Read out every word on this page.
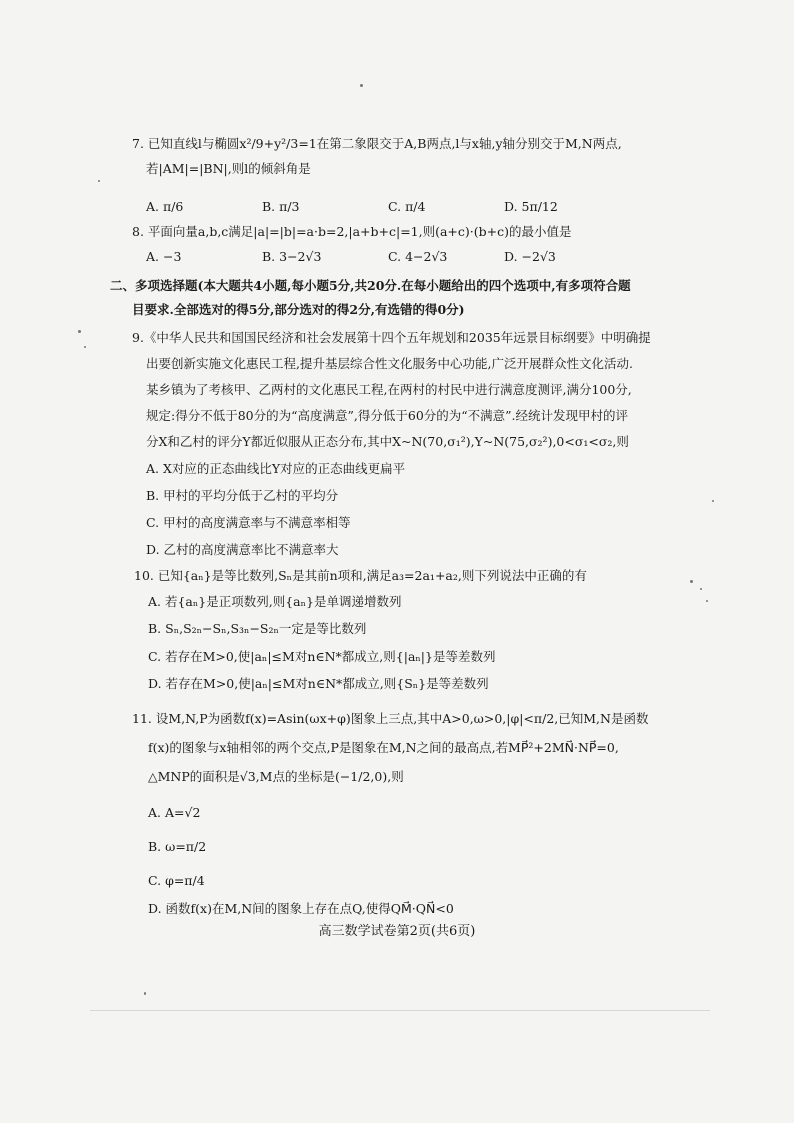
7. 已知直线l与椭圆x²/9+y²/3=1在第二象限交于A,B两点,l与x轴,y轴分别交于M,N两点,
若|AM|=|BN|,则l的倾斜角是
A. π/6	B. π/3	C. π/4	D. 5π/12
8. 平面向量a,b,c满足|a|=|b|=a·b=2,|a+b+c|=1,则(a+c)·(b+c)的最小值是
A. −3	B. 3−2√3	C. 4−2√3	D. −2√3
二、多项选择题(本大题共4小题,每小题5分,共20分.在每小题给出的四个选项中,有多项符合题
目要求.全部选对的得5分,部分选对的得2分,有选错的得0分)
9.《中华人民共和国国民经济和社会发展第十四个五年规划和2035年远景目标纲要》中明确提
出要创新实施文化惠民工程,提升基层综合性文化服务中心功能,广泛开展群众性文化活动.
某乡镇为了考核甲、乙两村的文化惠民工程,在两村的村民中进行满意度测评,满分100分,
规定:得分不低于80分的为“高度满意”,得分低于60分的为“不满意”.经统计发现甲村的评
分X和乙村的评分Y都近似服从正态分布,其中X~N(70,σ₁²),Y~N(75,σ₂²),0<σ₁<σ₂,则
A. X对应的正态曲线比Y对应的正态曲线更扁平
B. 甲村的平均分低于乙村的平均分
C. 甲村的高度满意率与不满意率相等
D. 乙村的高度满意率比不满意率大
10. 已知{aₙ}是等比数列,Sₙ是其前n项和,满足a₃=2a₁+a₂,则下列说法中正确的有
A. 若{aₙ}是正项数列,则{aₙ}是单调递增数列
B. Sₙ,S₂ₙ−Sₙ,S₃ₙ−S₂ₙ一定是等比数列
C. 若存在M>0,使|aₙ|≤M对n∈N*都成立,则{|aₙ|}是等差数列
D. 若存在M>0,使|aₙ|≤M对n∈N*都成立,则{Sₙ}是等差数列
11. 设M,N,P为函数f(x)=Asin(ωx+φ)图象上三点,其中A>0,ω>0,|φ|<π/2,已知M,N是函数
f(x)的图象与x轴相邻的两个交点,P是图象在M,N之间的最高点,若MP⃗²+2MN⃗·NP⃗=0,
△MNP的面积是√3,M点的坐标是(−1/2,0),则
A. A=√2
B. ω=π/2
C. φ=π/4
D. 函数f(x)在M,N间的图象上存在点Q,使得QM⃗·QN⃗<0
高三数学试卷第2页(共6页)
